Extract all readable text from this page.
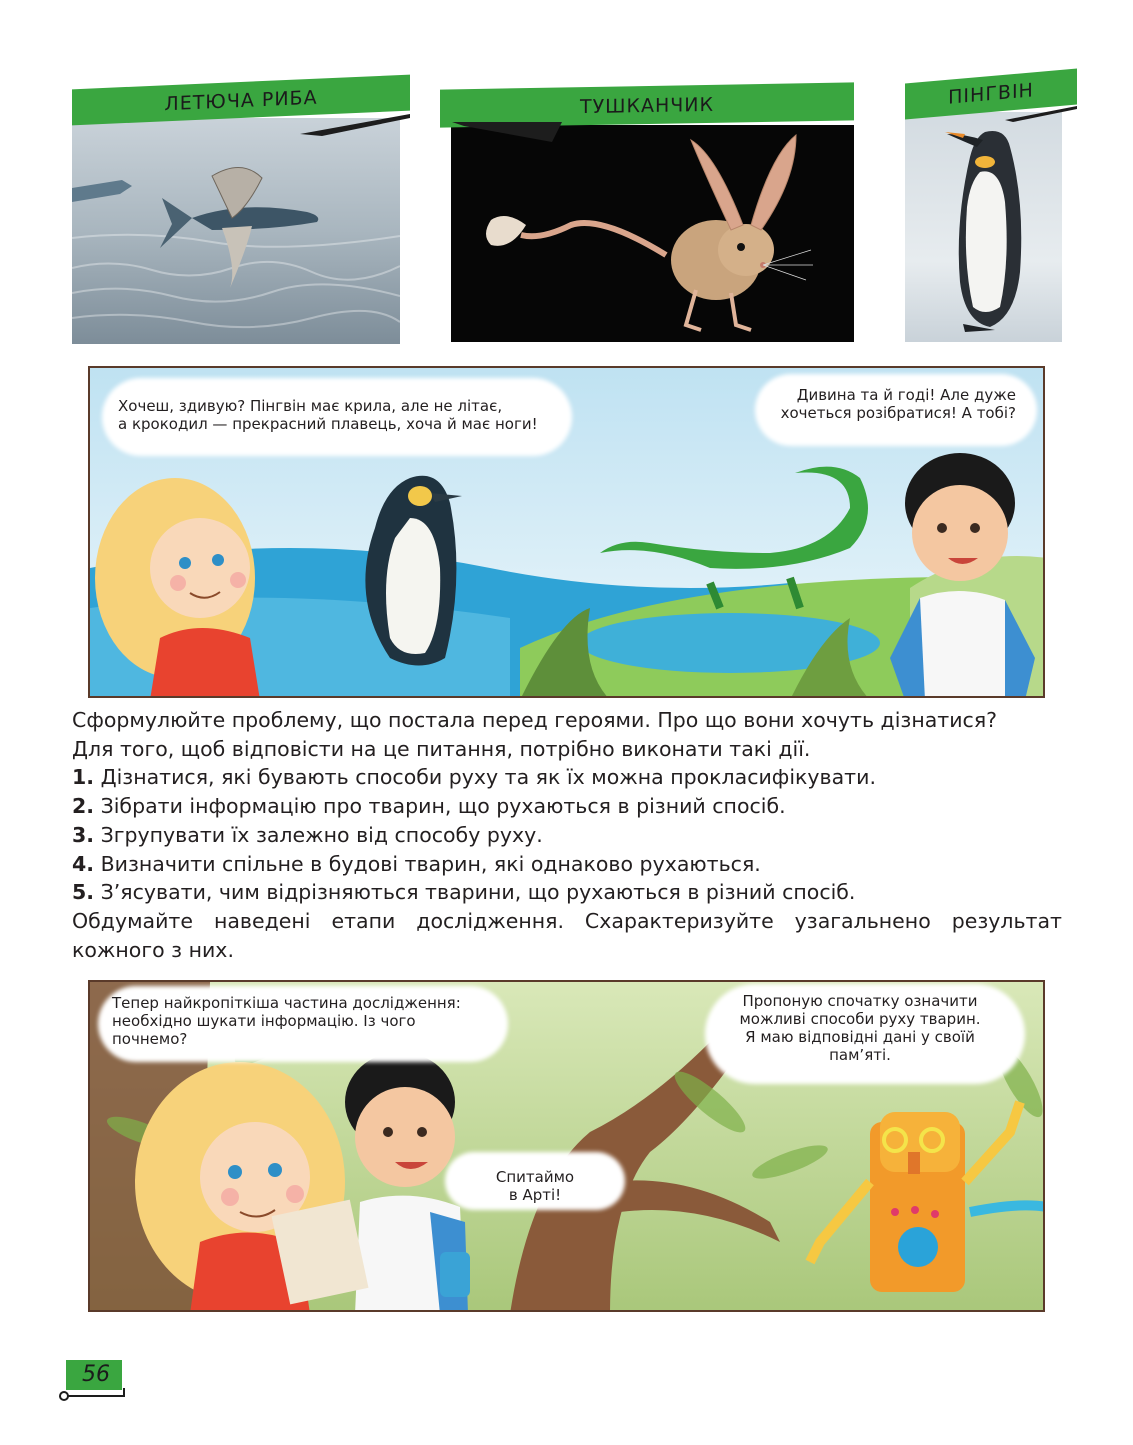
ЛЕТЮЧА РИБА	ТУШКАНЧИК	ПІНГВІН
Хочеш, здивую? Пінгвін має крила, але не літає,
а крокодил — прекрасний плавець, хоча й має ноги!
Дивина та й годі! Але дуже
хочеться розібратися! А тобі?

Сформулюйте проблему, що постала перед героями. Про що вони хочуть дізнатися?

Для того, щоб відповісти на це питання, потрібно виконати такі дії.

1. Дізнатися, які бувають способи руху та як їх можна прокласифікувати.

2. Зібрати інформацію про тварин, що рухаються в різний спосіб.

3. Згрупувати їх залежно від способу руху.

4. Визначити спільне в будові тварин, які однаково рухаються.

5. З’ясувати, чим відрізняються тварини, що рухаються в різний спосіб.

Обдумайте наведені етапи дослідження. Схарактеризуйте узагальнено результат

кожного з них.

Тепер найкропіткіша частина дослідження:
необхідно шукати інформацію. Із чого
почнемо?
Пропоную спочатку означити
можливі способи руху тварин.
Я маю відповідні дані у своїй
пам’яті.
Спитаймо
в Арті!
56
